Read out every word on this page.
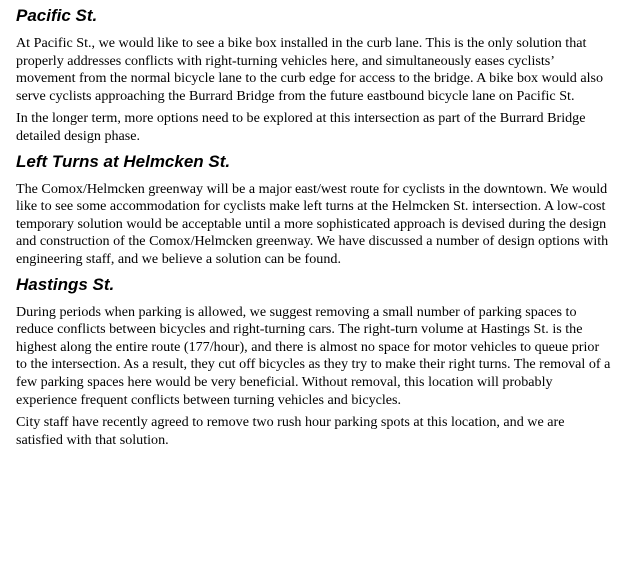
Pacific St.

At Pacific St., we would like to see a bike box installed in the curb lane. This is the only solution that properly addresses conflicts with right-turning vehicles here, and simultaneously eases cyclists’ movement from the normal bicycle lane to the curb edge for access to the bridge. A bike box would also serve cyclists approaching the Burrard Bridge from the future eastbound bicycle lane on Pacific St.

In the longer term, more options need to be explored at this intersection as part of the Burrard Bridge detailed design phase.

Left Turns at Helmcken St.

The Comox/Helmcken greenway will be a major east/west route for cyclists in the downtown. We would like to see some accommodation for cyclists make left turns at the Helmcken St. intersection. A low-cost temporary solution would be acceptable until a more sophisticated approach is devised during the design and construction of the Comox/Helmcken greenway. We have discussed a number of design options with engineering staff, and we believe a solution can be found.

Hastings St.

During periods when parking is allowed, we suggest removing a small number of parking spaces to reduce conflicts between bicycles and right-turning cars. The right-turn volume at Hastings St. is the highest along the entire route (177/hour), and there is almost no space for motor vehicles to queue prior to the intersection. As a result, they cut off bicycles as they try to make their right turns. The removal of a few parking spaces here would be very beneficial. Without removal, this location will probably experience frequent conflicts between turning vehicles and bicycles.

City staff have recently agreed to remove two rush hour parking spots at this location, and we are satisfied with that solution.
